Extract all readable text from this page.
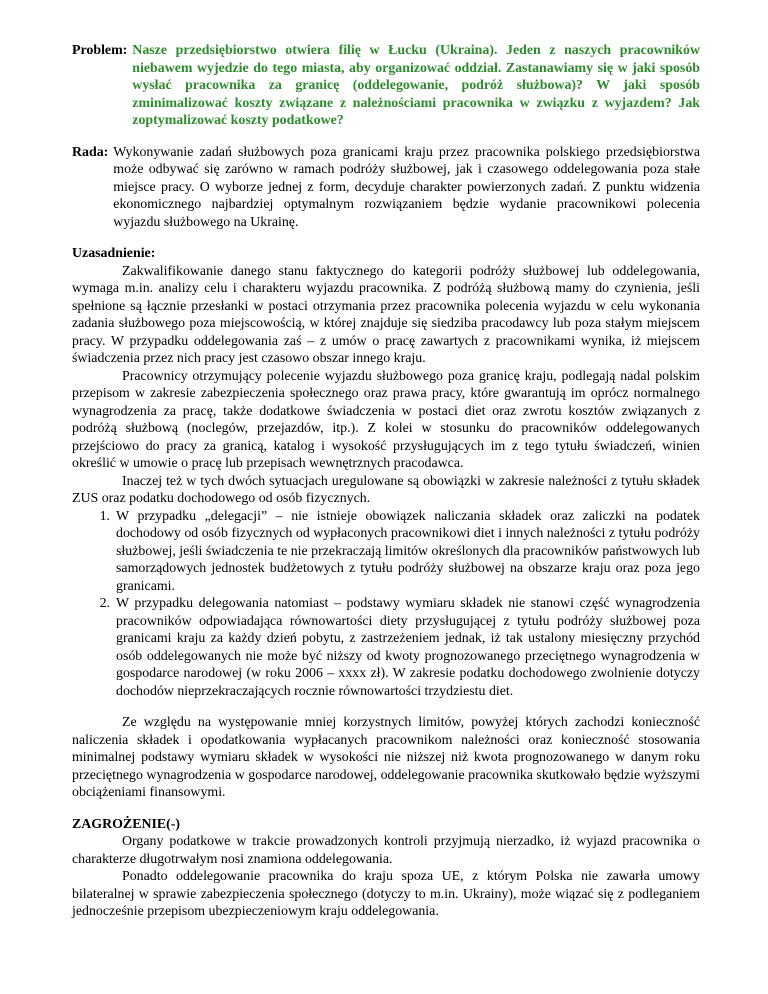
Problem: Nasze przedsiębiorstwo otwiera filię w Łucku (Ukraina). Jeden z naszych pracowników niebawem wyjedzie do tego miasta, aby organizować oddział. Zastanawiamy się w jaki sposób wysłać pracownika za granicę (oddelegowanie, podróż służbowa)? W jaki sposób zminimalizować koszty związane z należnościami pracownika w związku z wyjazdem? Jak zoptymalizować koszty podatkowe?

Rada: Wykonywanie zadań służbowych poza granicami kraju przez pracownika polskiego przedsiębiorstwa może odbywać się zarówno w ramach podróży służbowej, jak i czasowego oddelegowania poza stałe miejsce pracy. O wyborze jednej z form, decyduje charakter powierzonych zadań. Z punktu widzenia ekonomicznego najbardziej optymalnym rozwiązaniem będzie wydanie pracownikowi polecenia wyjazdu służbowego na Ukrainę.

Uzasadnienie:

Zakwalifikowanie danego stanu faktycznego do kategorii podróży służbowej lub oddelegowania, wymaga m.in. analizy celu i charakteru wyjazdu pracownika. Z podróżą służbową mamy do czynienia, jeśli spełnione są łącznie przesłanki w postaci otrzymania przez pracownika polecenia wyjazdu w celu wykonania zadania służbowego poza miejscowością, w której znajduje się siedziba pracodawcy lub poza stałym miejscem pracy. W przypadku oddelegowania zaś – z umów o pracę zawartych z pracownikami wynika, iż miejscem świadczenia przez nich pracy jest czasowo obszar innego kraju.

Pracownicy otrzymujący polecenie wyjazdu służbowego poza granicę kraju, podlegają nadal polskim przepisom w zakresie zabezpieczenia społecznego oraz prawa pracy, które gwarantują im oprócz normalnego wynagrodzenia za pracę, także dodatkowe świadczenia w postaci diet oraz zwrotu kosztów związanych z podróżą służbową (noclegów, przejazdów, itp.). Z kolei w stosunku do pracowników oddelegowanych przejściowo do pracy za granicą, katalog i wysokość przysługujących im z tego tytułu świadczeń, winien określić w umowie o pracę lub przepisach wewnętrznych pracodawca.

Inaczej też w tych dwóch sytuacjach uregulowane są obowiązki w zakresie należności z tytułu składek ZUS oraz podatku dochodowego od osób fizycznych.

1. W przypadku „delegacji” – nie istnieje obowiązek naliczania składek oraz zaliczki na podatek dochodowy od osób fizycznych od wypłaconych pracownikowi diet i innych należności z tytułu podróży służbowej, jeśli świadczenia te nie przekraczają limitów określonych dla pracowników państwowych lub samorządowych jednostek budżetowych z tytułu podróży służbowej na obszarze kraju oraz poza jego granicami.
2. W przypadku delegowania natomiast – podstawy wymiaru składek nie stanowi część wynagrodzenia pracowników odpowiadająca równowartości diety przysługującej z tytułu podróży służbowej poza granicami kraju za każdy dzień pobytu, z zastrzeżeniem jednak, iż tak ustalony miesięczny przychód osób oddelegowanych nie może być niższy od kwoty prognozowanego przeciętnego wynagrodzenia w gospodarce narodowej (w roku 2006 – xxxx zł). W zakresie podatku dochodowego zwolnienie dotyczy dochodów nieprzekraczających rocznie równowartości trzydziestu diet.

Ze względu na występowanie mniej korzystnych limitów, powyżej których zachodzi konieczność naliczenia składek i opodatkowania wypłacanych pracownikom należności oraz konieczność stosowania minimalnej podstawy wymiaru składek w wysokości nie niższej niż kwota prognozowanego w danym roku przeciętnego wynagrodzenia w gospodarce narodowej, oddelegowanie pracownika skutkowało będzie wyższymi obciążeniami finansowymi.

ZAGROŻENIE(-)

Organy podatkowe w trakcie prowadzonych kontroli przyjmują nierzadko, iż wyjazd pracownika o charakterze długotrwałym nosi znamiona oddelegowania.

Ponadto oddelegowanie pracownika do kraju spoza UE, z którym Polska nie zawarła umowy bilateralnej w sprawie zabezpieczenia społecznego (dotyczy to m.in. Ukrainy), może wiązać się z podleganiem jednocześnie przepisom ubezpieczeniowym kraju oddelegowania.
